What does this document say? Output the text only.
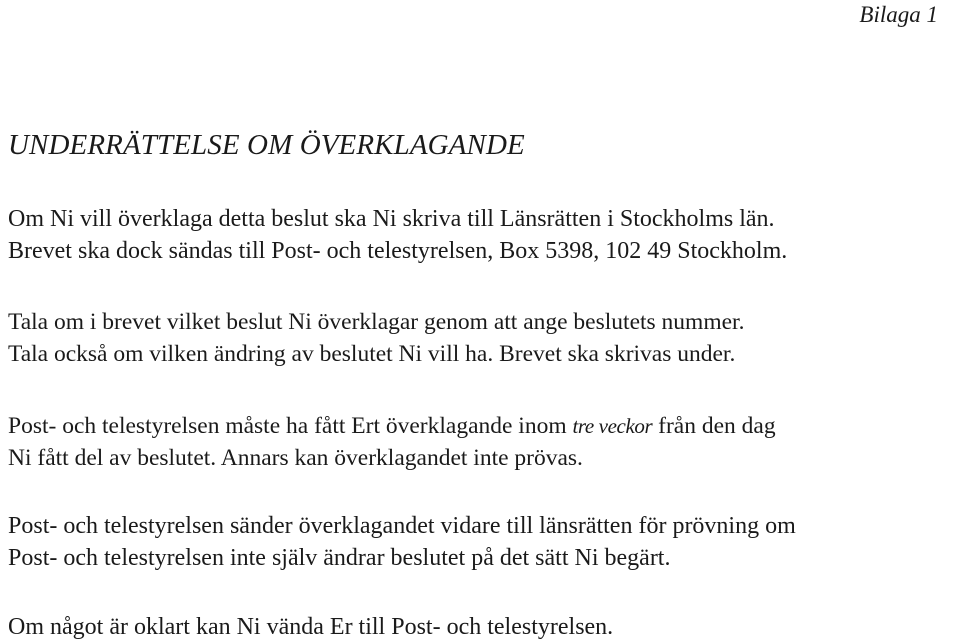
Bilaga 1
UNDERRÄTTELSE OM ÖVERKLAGANDE

Om Ni vill överklaga detta beslut ska Ni skriva till Länsrätten i Stockholms län.
Brevet ska dock sändas till Post- och telestyrelsen, Box 5398, 102 49 Stockholm.

Tala om i brevet vilket beslut Ni överklagar genom att ange beslutets nummer.
Tala också om vilken ändring av beslutet Ni vill ha. Brevet ska skrivas under.

Post- och telestyrelsen måste ha fått Ert överklagande inom tre veckor från den dag
Ni fått del av beslutet. Annars kan överklagandet inte prövas.

Post- och telestyrelsen sänder överklagandet vidare till länsrätten för prövning om
Post- och telestyrelsen inte själv ändrar beslutet på det sätt Ni begärt.

Om något är oklart kan Ni vända Er till Post- och telestyrelsen.
